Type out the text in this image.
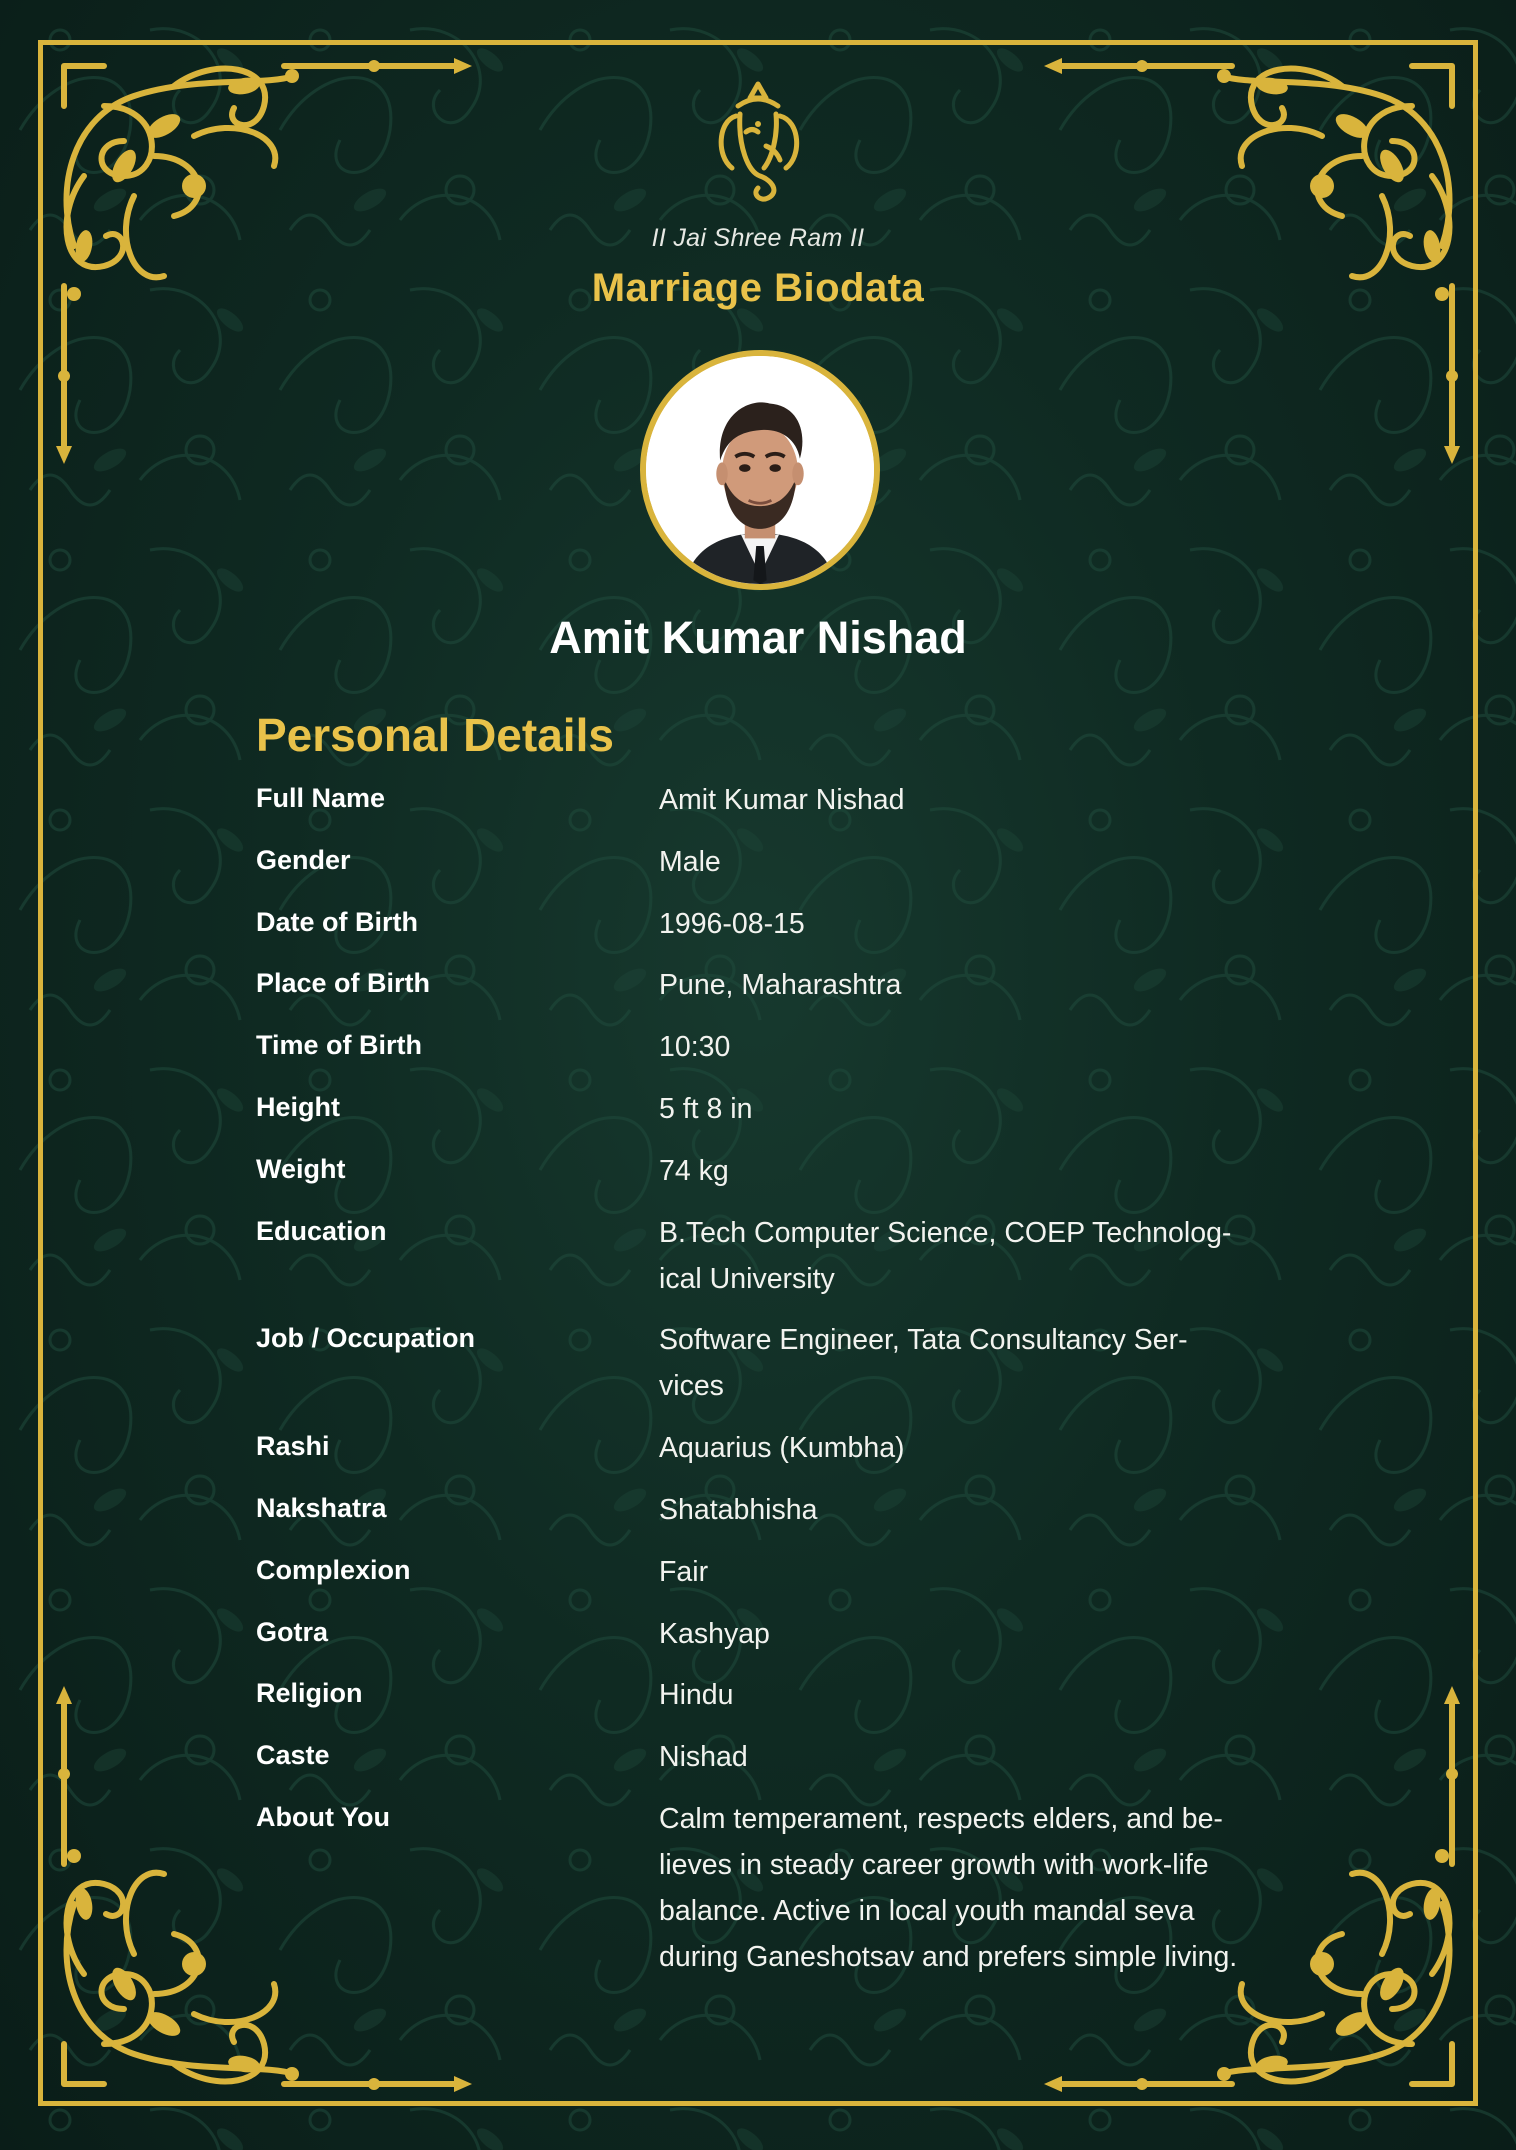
II Jai Shree Ram II
Marriage Biodata
Amit Kumar Nishad
Personal Details
Full Name	Amit Kumar Nishad
Gender	Male
Date of Birth	1996-08-15
Place of Birth	Pune, Maharashtra
Time of Birth	10:30
Height	5 ft 8 in
Weight	74 kg
Education	B.Tech Computer Science, COEP Technolog-
ical University
Job / Occupation	Software Engineer, Tata Consultancy Ser-
vices
Rashi	Aquarius (Kumbha)
Nakshatra	Shatabhisha
Complexion	Fair
Gotra	Kashyap
Religion	Hindu
Caste	Nishad
About You	Calm temperament, respects elders, and be-
lieves in steady career growth with work-life
balance. Active in local youth mandal seva
during Ganeshotsav and prefers simple living.
